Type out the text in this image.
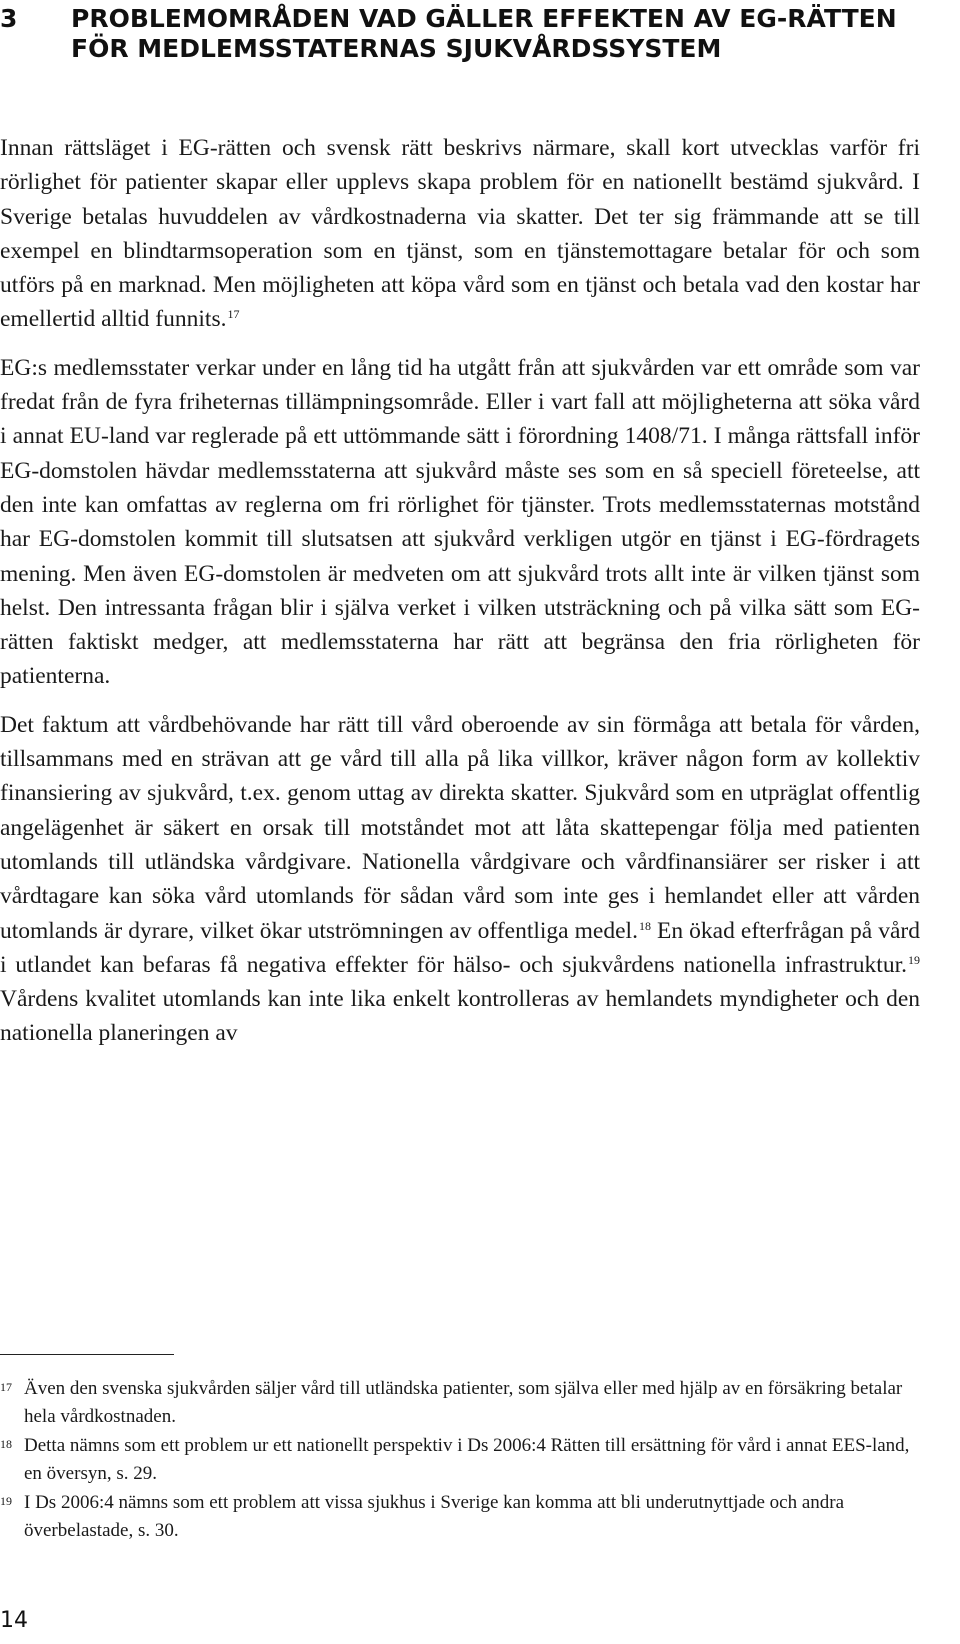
3 PROBLEMOMRÅDEN VAD GÄLLER EFFEKTEN AV EG-RÄTTEN FÖR MEDLEMSSTATERNAS SJUKVÅRDSSYSTEM

Innan rättsläget i EG-rätten och svensk rätt beskrivs närmare, skall kort utvecklas varför fri rörlighet för patienter skapar eller upplevs skapa problem för en nationellt bestämd sjukvård. I Sverige betalas huvuddelen av vårdkostnaderna via skatter. Det ter sig främmande att se till exempel en blindtarmsoperation som en tjänst, som en tjänstemottagare betalar för och som utförs på en marknad. Men möjligheten att köpa vård som en tjänst och betala vad den kostar har emellertid alltid funnits.$^{17}$

EG:s medlemsstater verkar under en lång tid ha utgått från att sjukvården var ett område som var fredat från de fyra friheternas tillämpningsområde. Eller i vart fall att möjligheterna att söka vård i annat EU-land var reglerade på ett uttömmande sätt i förordning 1408/71. I många rättsfall inför EG-domstolen hävdar medlemsstaterna att sjukvård måste ses som en så speciell företeelse, att den inte kan omfattas av reglerna om fri rörlighet för tjänster. Trots medlemsstaternas motstånd har EG-domstolen kommit till slutsatsen att sjukvård verkligen utgör en tjänst i EG-fördragets mening. Men även EG-domstolen är medveten om att sjukvård trots allt inte är vilken tjänst som helst. Den intressanta frågan blir i själva verket i vilken utsträckning och på vilka sätt som EG-rätten faktiskt medger, att medlemsstaterna har rätt att begränsa den fria rörligheten för patienterna.

Det faktum att vårdbehövande har rätt till vård oberoende av sin förmåga att betala för vården, tillsammans med en strävan att ge vård till alla på lika villkor, kräver någon form av kollektiv finansiering av sjukvård, t.ex. genom uttag av direkta skatter. Sjukvård som en utpräglat offentlig angelägenhet är säkert en orsak till motståndet mot att låta skattepengar följa med patienten utomlands till utländska vårdgivare. Nationella vårdgivare och vårdfinansiärer ser risker i att vårdtagare kan söka vård utomlands för sådan vård som inte ges i hemlandet eller att vården utomlands är dyrare, vilket ökar utströmningen av offentliga medel.$^{18}$ En ökad efterfrågan på vård i utlandet kan befaras få negativa effekter för hälso- och sjukvårdens nationella infrastruktur.$^{19}$ Vårdens kvalitet utomlands kan inte lika enkelt kontrolleras av hemlandets myndigheter och den nationella planeringen av

17 Även den svenska sjukvården säljer vård till utländska patienter, som själva eller med hjälp av en försäkring betalar hela vårdkostnaden.
18 Detta nämns som ett problem ur ett nationellt perspektiv i Ds 2006:4 Rätten till ersättning för vård i annat EES-land, en översyn, s. 29.
19 I Ds 2006:4 nämns som ett problem att vissa sjukhus i Sverige kan komma att bli underutnyttjade och andra överbelastade, s. 30.
14
